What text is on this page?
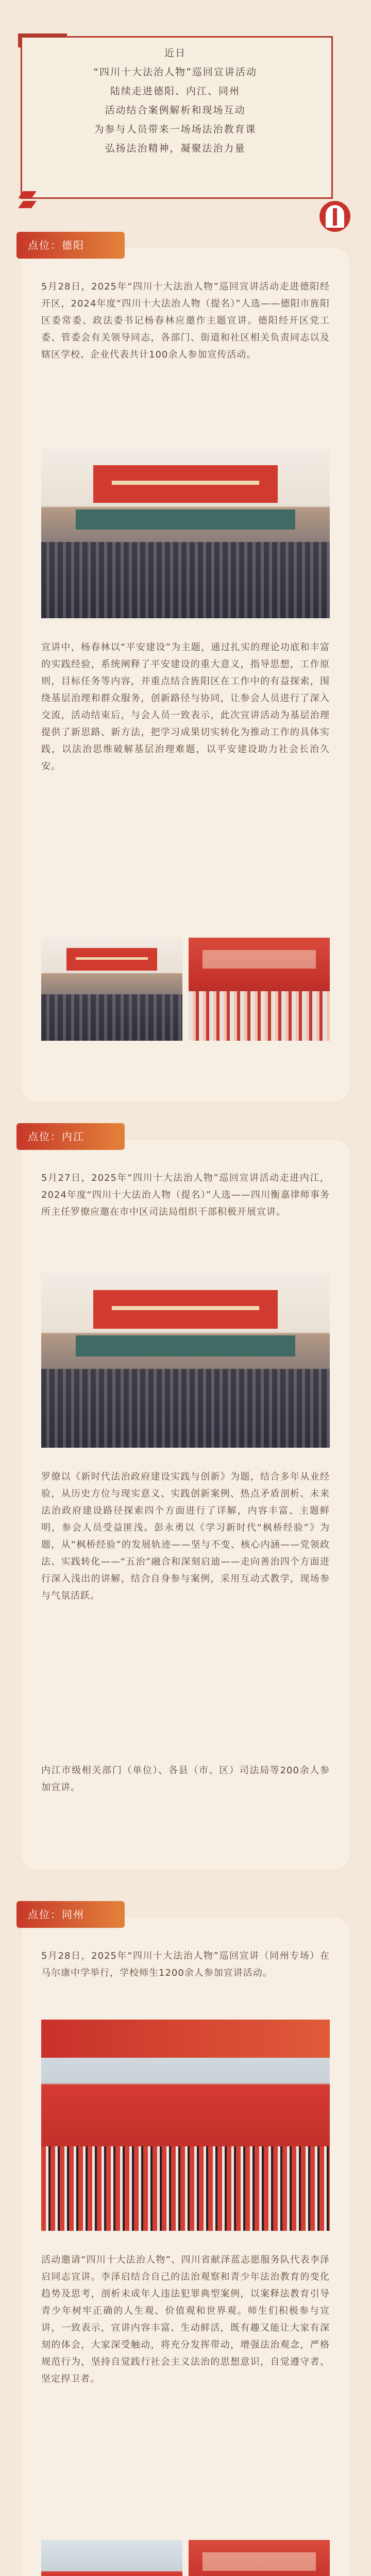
近日
“四川十大法治人物”巡回宣讲活动
陆续走进德阳、内江、同州
活动结合案例解析和现场互动
为参与人员带来一场场法治教育课
弘扬法治精神，凝聚法治力量
点位：德阳
5月28日，2025年“四川十大法治人物”巡回宣讲活动走进德阳经开区，2024年度“四川十大法治人物（提名）”人选——德阳市旌阳区委常委、政法委书记杨春林应邀作主题宣讲。德阳经开区党工委、管委会有关领导同志，各部门、街道和社区相关负责同志以及辖区学校、企业代表共计100余人参加宣传活动。
宣讲中，杨春林以“平安建设”为主题，通过扎实的理论功底和丰富的实践经验，系统阐释了平安建设的重大意义，指导思想，工作原则，目标任务等内容，并重点结合旌阳区在工作中的有益探索，围绕基层治理和群众服务，创新路径与协同，让参会人员进行了深入交流，活动结束后，与会人员一致表示，此次宣讲活动为基层治理提供了新思路、新方法，把学习成果切实转化为推动工作的具体实践，以法治思维破解基层治理难题，以平安建设助力社会长治久安。
点位：内江
5月27日，2025年“四川十大法治人物”巡回宣讲活动走进内江，2024年度“四川十大法治人物（提名）”人选——四川衡嘉律师事务所主任罗僚应邀在市中区司法局组织干部积极开展宣讲。
罗僚以《新时代法治政府建设实践与创新》为题，结合多年从业经验，从历史方位与现实意义、实践创新案例、热点矛盾剖析、未来法治政府建设路径探索四个方面进行了详解，内容丰富、主题鲜明，参会人员受益匪浅。彭永勇以《学习新时代“枫桥经验”》为题，从“枫桥经验”的发展轨迹——坚与不变、核心内涵——党领政法、实践转化——“五治”融合和深刻启迪——走向善治四个方面进行深入浅出的讲解，结合自身参与案例，采用互动式教学，现场参与气氛活跃。
内江市级相关部门（单位）、各县（市、区）司法局等200余人参加宣讲。
点位：同州
5月28日，2025年“四川十大法治人物”巡回宣讲（同州专场）在马尔康中学举行，学校师生1200余人参加宣讲活动。
活动邀请“四川十大法治人物”、四川省献泽蓝志愿服务队代表李泽启同志宣讲。李泽启结合自己的法治观察和青少年法治教育的变化趋势及思考，剖析未成年人违法犯罪典型案例，以案释法教育引导青少年树牢正确的人生观、价值观和世界观。师生们积极参与宣讲，一致表示，宣讲内容丰富、生动鲜活，既有趣又能让大家有深刻的体会，大家深受触动，将充分发挥带动，增强法治观念，严格规范行为，坚持自觉践行社会主义法治的思想意识，自觉遵守者、坚定捍卫者。
